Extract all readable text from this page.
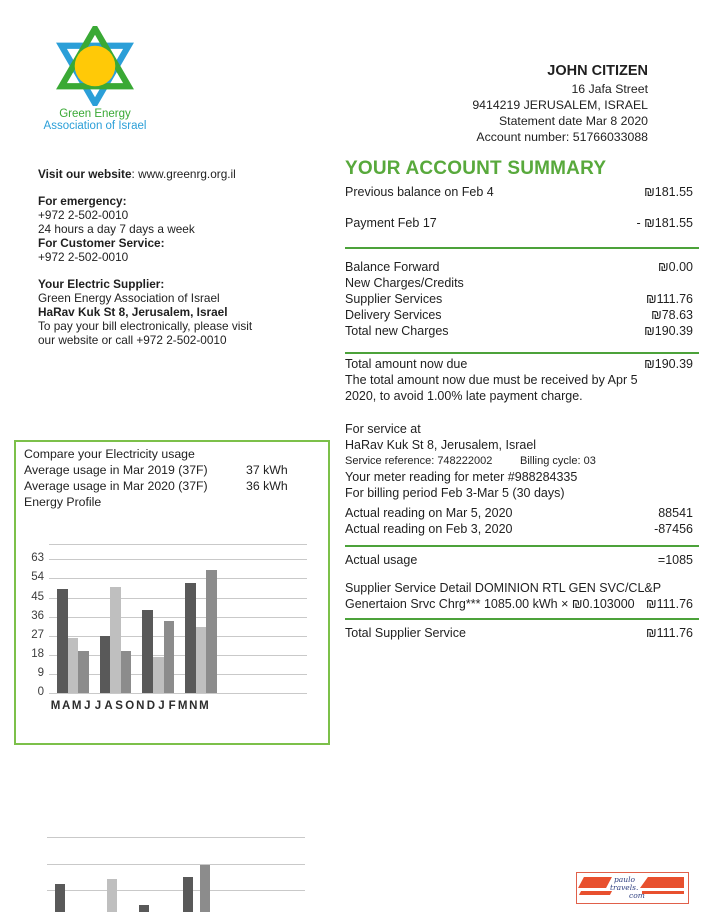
Green Energy
Association of Israel
JOHN CITIZEN
16 Jafa Street
9414219 JERUSALEM, ISRAEL
Statement date Mar 8 2020
Account number: 51766033088

Visit our website: www.greenrg.org.il

For emergency:
+972 2-502-0010
24 hours a day 7 days a week
For Customer Service:
+972 2-502-0010

Your Electric Supplier:
Green Energy Association of Israel
HaRav Kuk St 8, Jerusalem, Israel
To pay your bill electronically, please visit
our website or call +972 2-502-0010

YOUR ACCOUNT SUMMARY
Previous balance on Feb 4	₪181.55
Payment Feb 17	- ₪181.55
Balance Forward	₪0.00
New Charges/Credits
Supplier Services	₪111.76
Delivery Services	₪78.63
Total new Charges	₪190.39
Total amount now due	₪190.39
The total amount now due must be received by Apr 5
2020, to avoid 1.00% late payment charge.
For service at
HaRav Kuk St 8, Jerusalem, Israel
Service reference: 748222002	Billing cycle: 03
Your meter reading for meter #988284335
For billing period Feb 3-Mar 5 (30 days)
Actual reading on Mar 5, 2020	88541
Actual reading on Feb 3, 2020	-87456
Actual usage	=1085
Supplier Service Detail DOMINION RTL GEN SVC/CL&P
Genertaion Srvc Chrg*** 1085.00 kWh × ₪0.103000 ₪111.76
Total Supplier Service	₪111.76
Compare your Electricity usage
Average usage in Mar 2019 (37F)	37 kWh
Average usage in Mar 2020 (37F)	36 kWh
Energy Profile
0
9
18
27
36
45
54
63
M A M J J A S O N D J F M N M
paulo
travels.
com
